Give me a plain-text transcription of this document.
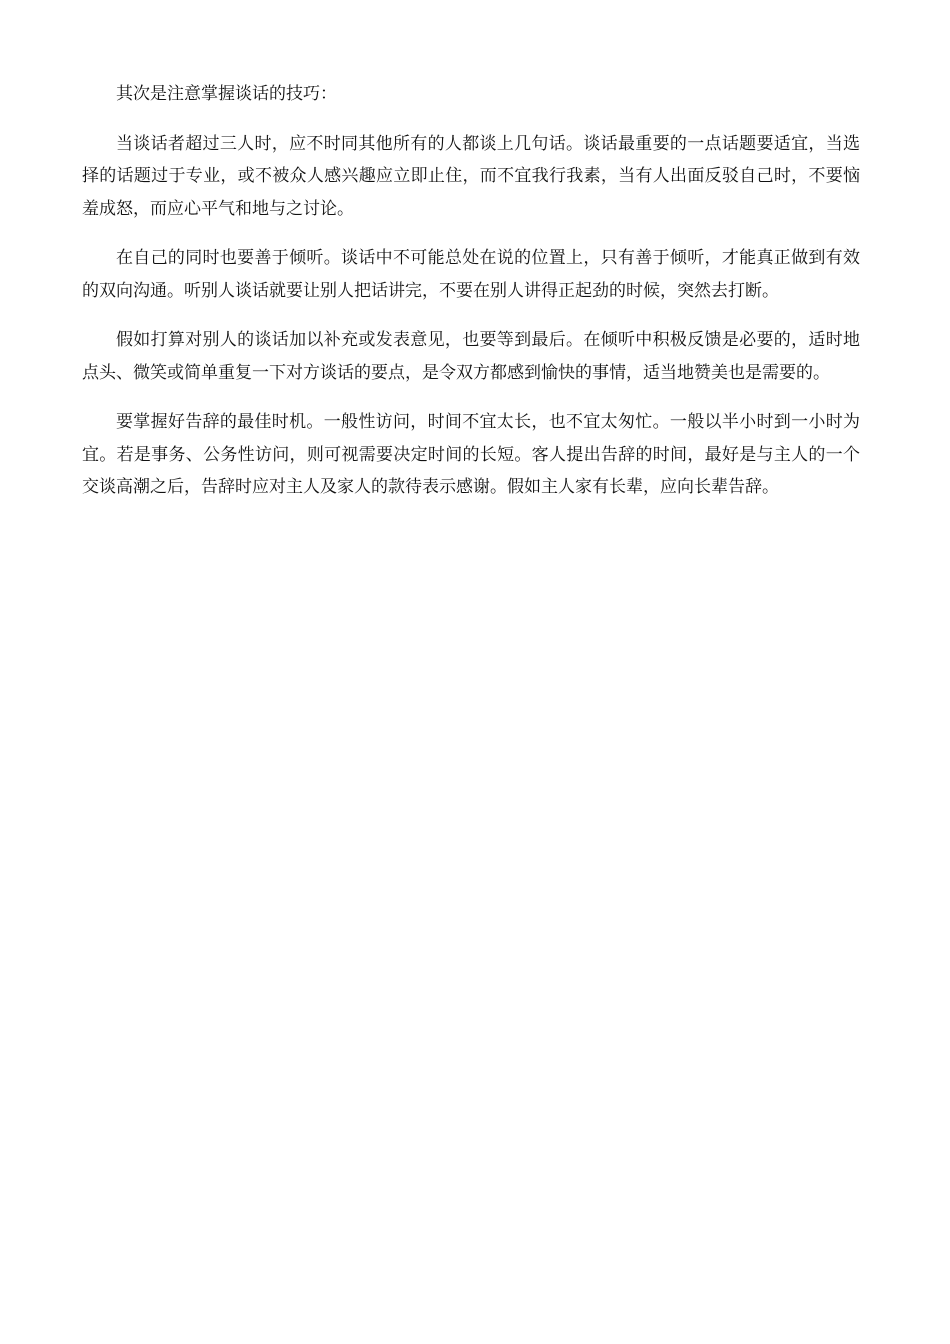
其次是注意掌握谈话的技巧：

当谈话者超过三人时，应不时同其他所有的人都谈上几句话。谈话最重要的一点话题要适宜，当选择的话题过于专业，或不被众人感兴趣应立即止住，而不宜我行我素，当有人出面反驳自己时，不要恼羞成怒，而应心平气和地与之讨论。

在自己的同时也要善于倾听。谈话中不可能总处在说的位置上，只有善于倾听，才能真正做到有效的双向沟通。听别人谈话就要让别人把话讲完，不要在别人讲得正起劲的时候，突然去打断。

假如打算对别人的谈话加以补充或发表意见，也要等到最后。在倾听中积极反馈是必要的，适时地点头、微笑或简单重复一下对方谈话的要点，是令双方都感到愉快的事情，适当地赞美也是需要的。

要掌握好告辞的最佳时机。一般性访问，时间不宜太长，也不宜太匆忙。一般以半小时到一小时为宜。若是事务、公务性访问，则可视需要决定时间的长短。客人提出告辞的时间，最好是与主人的一个交谈高潮之后，告辞时应对主人及家人的款待表示感谢。假如主人家有长辈，应向长辈告辞。
